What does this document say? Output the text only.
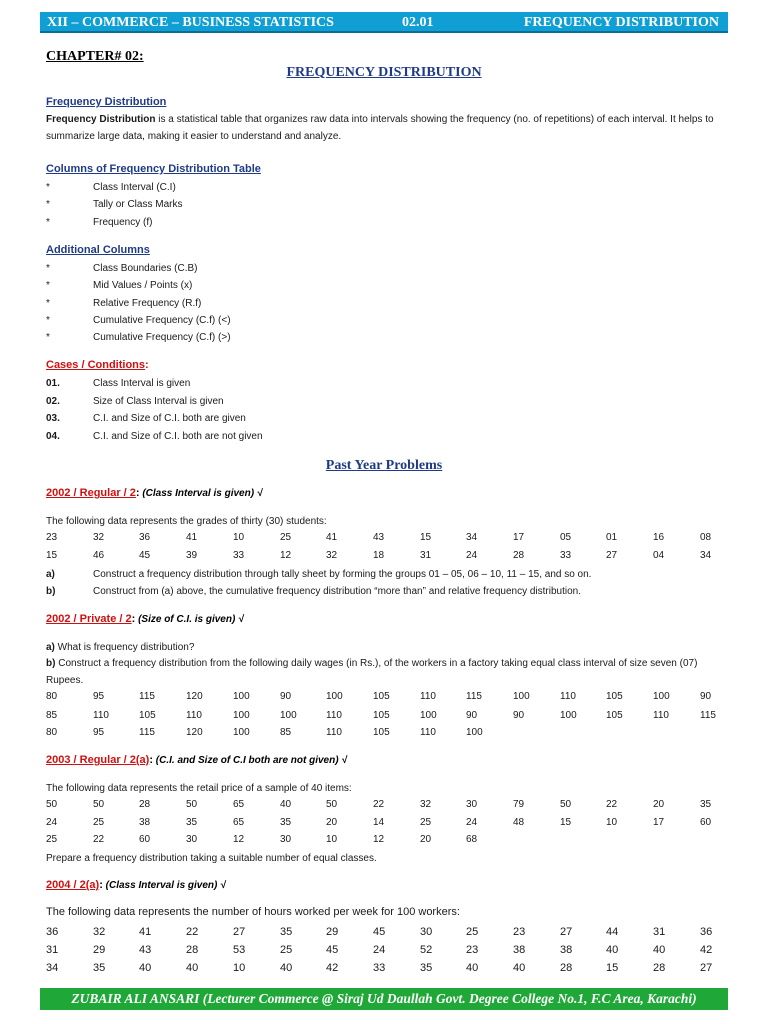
XII – COMMERCE – BUSINESS STATISTICS	02.01	FREQUENCY DISTRIBUTION
CHAPTER# 02:
FREQUENCY DISTRIBUTION
Frequency Distribution
Frequency Distribution is a statistical table that organizes raw data into intervals showing the frequency (no. of repetitions) of each interval. It helps to summarize large data, making it easier to understand and analyze.
Columns of Frequency Distribution Table
*	Class Interval (C.I)
*	Tally or Class Marks
*	Frequency (f)
Additional Columns
*	Class Boundaries (C.B)
*	Mid Values / Points (x)
*	Relative Frequency (R.f)
*	Cumulative Frequency (C.f) (<)
*	Cumulative Frequency (C.f) (>)
Cases / Conditions:
01.	Class Interval is given
02.	Size of Class Interval is given
03.	C.I. and Size of C.I. both are given
04.	C.I. and Size of C.I. both are not given
Past Year Problems
2002 / Regular / 2: (Class Interval is given) √
The following data represents the grades of thirty (30) students:
23	32	36	41	10	25	41	43	15	34	17	05	01	16	08
15	46	45	39	33	12	32	18	31	24	28	33	27	04	34
a)	Construct a frequency distribution through tally sheet by forming the groups 01 – 05, 06 – 10, 11 – 15, and so on.
b)	Construct from (a) above, the cumulative frequency distribution “more than” and relative frequency distribution.
2002 / Private / 2: (Size of C.I. is given) √
a) What is frequency distribution?
b) Construct a frequency distribution from the following daily wages (in Rs.), of the workers in a factory taking equal class interval of size seven (07) Rupees.
80	95	115	120	100	90	100	105	110	115	100	110	105	100	90
85	110	105	110	100	100	110	105	100	90	90	100	105	110	115
80	95	115	120	100	85	110	105	110	100
2003 / Regular / 2(a): (C.I. and Size of C.I both are not given) √
The following data represents the retail price of a sample of 40 items:
50	50	28	50	65	40	50	22	32	30	79	50	22	20	35
24	25	38	35	65	35	20	14	25	24	48	15	10	17	60
25	22	60	30	12	30	10	12	20	68
Prepare a frequency distribution taking a suitable number of equal classes.
2004 / 2(a): (Class Interval is given) √
The following data represents the number of hours worked per week for 100 workers:
36	32	41	22	27	35	29	45	30	25	23	27	44	31	36
31	29	43	28	53	25	45	24	52	23	38	38	40	40	42
34	35	40	40	10	40	42	33	35	40	40	28	15	28	27
ZUBAIR ALI ANSARI (Lecturer Commerce @ Siraj Ud Daullah Govt. Degree College No.1, F.C Area, Karachi)
